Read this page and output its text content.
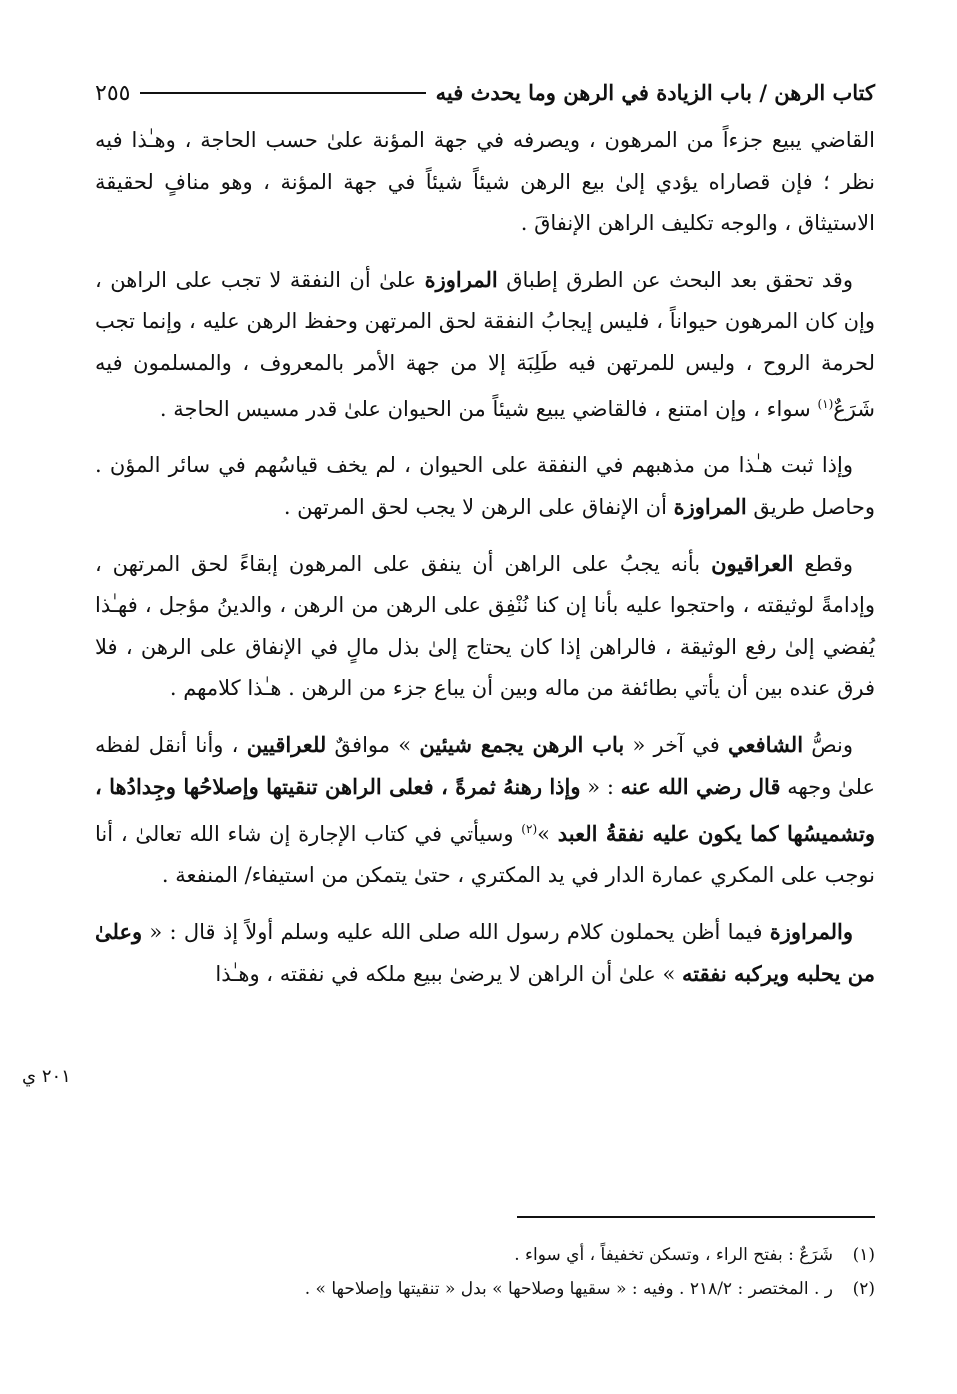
كتاب الرهن / باب الزيادة في الرهن وما يحدث فيه
٢٥٥

القاضي يبيع جزءاً من المرهون ، ويصرفه في جهة المؤنة علىٰ حسب الحاجة ، وهـٰذا فيه نظر ؛ فإن قصاراه يؤدي إلىٰ بيع الرهن شيئاً شيئاً في جهة المؤنة ، وهو منافٍ لحقيقة الاستيثاق ، والوجه تكليف الراهن الإنفاقَ .

وقد تحقق بعد البحث عن الطرق إطباق المراوزة علىٰ أن النفقة لا تجب على الراهن ، وإن كان المرهون حيواناً ، فليس إيجابُ النفقة لحق المرتهن وحفظ الرهن عليه ، وإنما تجب لحرمة الروح ، وليس للمرتهن فيه طَلِبَة إلا من جهة الأمر بالمعروف ، والمسلمون فيه شَرَعٌ$^{(١)}$ سواء ، وإن امتنع ، فالقاضي يبيع شيئاً من الحيوان علىٰ قدر مسيس الحاجة .

وإذا ثبت هـٰذا من مذهبهم في النفقة على الحيوان ، لم يخف قياسُهم في سائر المؤن . وحاصل طريق المراوزة أن الإنفاق على الرهن لا يجب لحق المرتهن .

وقطع العراقيون بأنه يجبُ على الراهن أن ينفق على المرهون إبقاءً لحق المرتهن ، وإدامةً لوثيقته ، واحتجوا عليه بأنا إن كنا نُنْفِق على الرهن من الرهن ، والدينُ مؤجل ، فهـٰذا يُفضي إلىٰ رفع الوثيقة ، فالراهن إذا كان يحتاج إلىٰ بذل مالٍ في الإنفاق على الرهن ، فلا فرق عنده بين أن يأتي بطائفة من ماله وبين أن يباع جزء من الرهن . هـٰذا كلامهم .

ونصُّ الشافعي في آخر « باب الرهن يجمع شيئين » موافقٌ للعراقيين ، وأنا أنقل لفظه علىٰ وجهه قال رضي الله عنه : « وإذا رهنهُ ثمرةً ، فعلى الراهن تنقيتها وإصلاحُها وجِدادُها ، وتشميسُها كما يكون عليه نفقةُ العبد »$^{(٢)}$ وسيأتي في كتاب الإجارة إن شاء الله تعالىٰ ، أنا نوجب على المكري عمارة الدار في يد المكتري ، حتىٰ يتمكن من استيفاء/ المنفعة .

والمراوزة فيما أظن يحملون كلام رسول الله صلى الله عليه وسلم أولاً إذ قال : « وعلىٰ من يحلبه ويركبه نفقته » علىٰ أن الراهن لا يرضىٰ ببيع ملكه في نفقته ، وهـٰذا

٢٠١ ي
(١)
شَرَعٌ : بفتح الراء ، وتسكن تخفيفاً ، أي سواء .
(٢)
ر . المختصر : ٢١٨/٢ . وفيه : « سقيها وصلاحها » بدل « تنقيتها وإصلاحها » .
